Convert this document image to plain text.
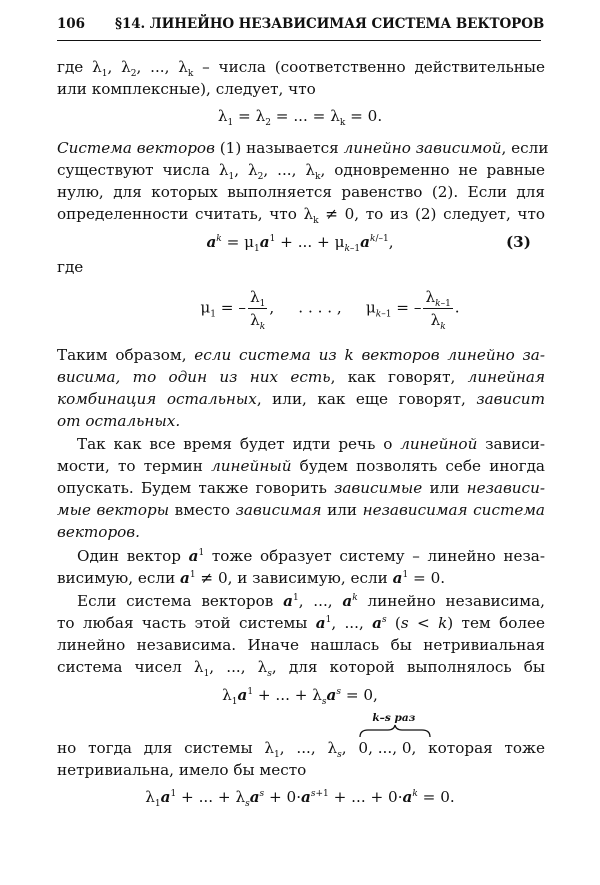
106 §14. ЛИНЕЙНО НЕЗАВИСИМАЯ СИСТЕМА ВЕКТОРОВ
где $\lambda_1$, $\lambda_2$, ..., $\lambda_k$ – числа (соответственно действительные
или комплексные), следует, что
$\lambda_1 = \lambda_2$ = ... = $\lambda_k = 0$.
Система векторов (1) называется линейно зависимой, если
существуют числа $\lambda_1$, $\lambda_2$, ..., $\lambda_k$, одновременно не равные
нулю, для которых выполняется равенство (2). Если для
определенности считать, что $\lambda_k \ne 0$, то из (2) следует, что
$a^k = \mu_1a^1$ + ... + $\mu_{k-1}a^{k/-1}$,	(3)
где
$\mu_1$ = – $\frac{\lambda_1}{\lambda_k}$ ,     . . . . ,     $\mu_{k-1}$ = – $\frac{\lambda_{k-1}}{\lambda_k}$ .
Таким образом, если система из k векторов линейно за-
висима, то один из них есть, как говорят, линейная
комбинация остальных, или, как еще говорят, зависит
от остальных.
Так как все время будет идти речь о линейной зависи-
мости, то термин линейный будем позволять себе иногда
опускать. Будем также говорить зависимые или независи-
мые векторы вместо зависимая или независимая система
векторов.
Один вектор $a^1$ тоже образует систему – линейно неза-
висимую, если $a^1 \ne 0$, и зависимую, если $a^1 = 0$.
Если система векторов $a^1$, ..., $a^k$ линейно независима,
то любая часть этой системы $a^1$, ..., $a^s$ (s < k) тем более
линейно независима. Иначе нашлась бы нетривиальная
система чисел $\lambda_1$, ..., $\lambda_s$, для которой выполнялось бы
$\lambda_1a^1$ + ... + $\lambda_sa^s = 0$,
но тогда для системы $\lambda_1$, ..., $\lambda_s$,
k–s раз
0, ..., 0, которая тоже
нетривиальна, имело бы место
$\lambda_1a^1$ + ... + $\lambda_sa^s + 0\cdot a^{s+1}$ + ... + $0\cdot a^k = 0$.
